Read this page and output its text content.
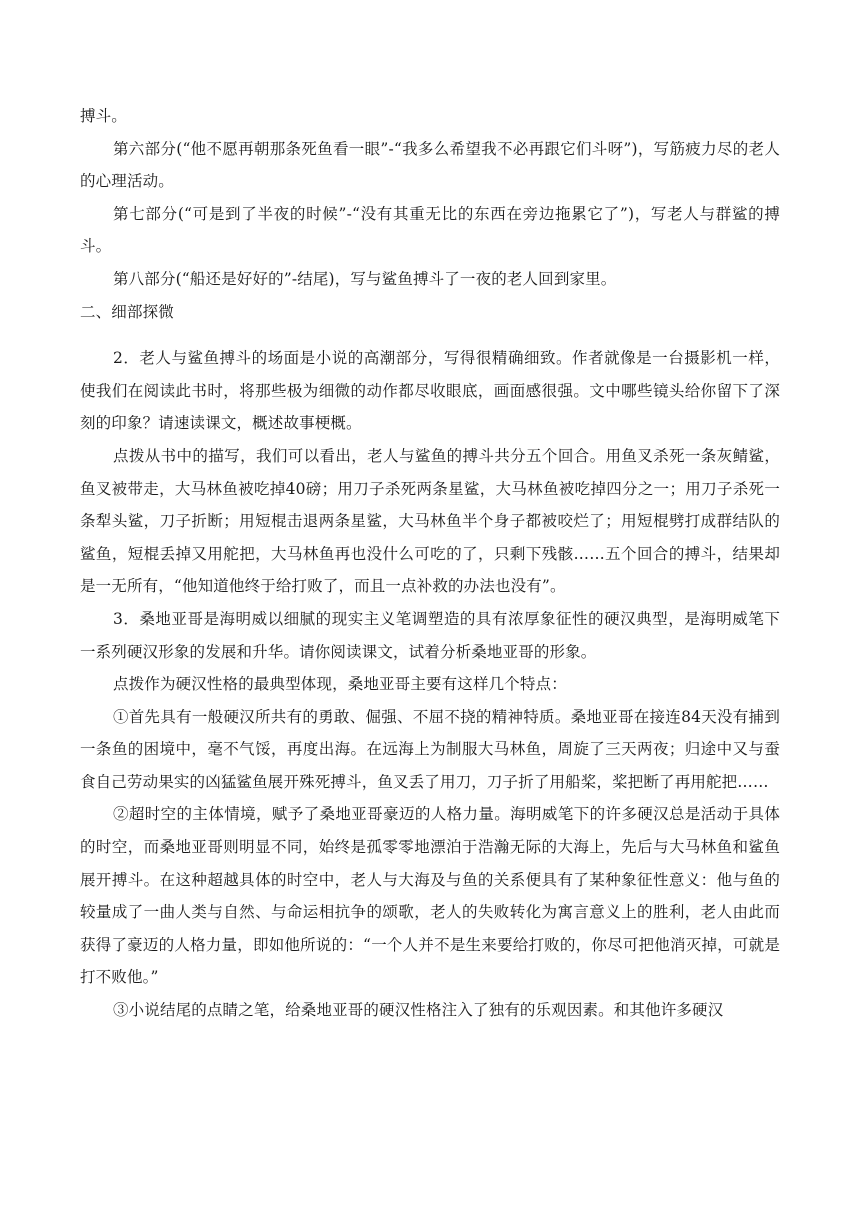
搏斗。

第六部分(“他不愿再朝那条死鱼看一眼”-“我多么希望我不必再跟它们斗呀”)，写筋疲力尽的老人的心理活动。

第七部分(“可是到了半夜的时候”-“没有其重无比的东西在旁边拖累它了”)，写老人与群鲨的搏斗。

第八部分(“船还是好好的”-结尾)，写与鲨鱼搏斗了一夜的老人回到家里。

二、细部探微

2．老人与鲨鱼搏斗的场面是小说的高潮部分，写得很精确细致。作者就像是一台摄影机一样，使我们在阅读此书时，将那些极为细微的动作都尽收眼底，画面感很强。文中哪些镜头给你留下了深刻的印象？请速读课文，概述故事梗概。

点拨从书中的描写，我们可以看出，老人与鲨鱼的搏斗共分五个回合。用鱼叉杀死一条灰鲭鲨，鱼叉被带走，大马林鱼被吃掉40磅；用刀子杀死两条星鲨，大马林鱼被吃掉四分之一；用刀子杀死一条犁头鲨，刀子折断；用短棍击退两条星鲨，大马林鱼半个身子都被咬烂了；用短棍劈打成群结队的鲨鱼，短棍丢掉又用舵把，大马林鱼再也没什么可吃的了，只剩下残骸……五个回合的搏斗，结果却是一无所有，“他知道他终于给打败了，而且一点补救的办法也没有”。

3．桑地亚哥是海明威以细腻的现实主义笔调塑造的具有浓厚象征性的硬汉典型，是海明威笔下一系列硬汉形象的发展和升华。请你阅读课文，试着分析桑地亚哥的形象。

点拨作为硬汉性格的最典型体现，桑地亚哥主要有这样几个特点：

①首先具有一般硬汉所共有的勇敢、倔强、不屈不挠的精神特质。桑地亚哥在接连84天没有捕到一条鱼的困境中，毫不气馁，再度出海。在远海上为制服大马林鱼，周旋了三天两夜；归途中又与蚕食自己劳动果实的凶猛鲨鱼展开殊死搏斗，鱼叉丢了用刀，刀子折了用船桨，桨把断了再用舵把……

②超时空的主体情境，赋予了桑地亚哥豪迈的人格力量。海明威笔下的许多硬汉总是活动于具体的时空，而桑地亚哥则明显不同，始终是孤零零地漂泊于浩瀚无际的大海上，先后与大马林鱼和鲨鱼展开搏斗。在这种超越具体的时空中，老人与大海及与鱼的关系便具有了某种象征性意义：他与鱼的较量成了一曲人类与自然、与命运相抗争的颂歌，老人的失败转化为寓言意义上的胜利，老人由此而获得了豪迈的人格力量，即如他所说的：“一个人并不是生来要给打败的，你尽可把他消灭掉，可就是打不败他。”

③小说结尾的点睛之笔，给桑地亚哥的硬汉性格注入了独有的乐观因素。和其他许多硬汉
